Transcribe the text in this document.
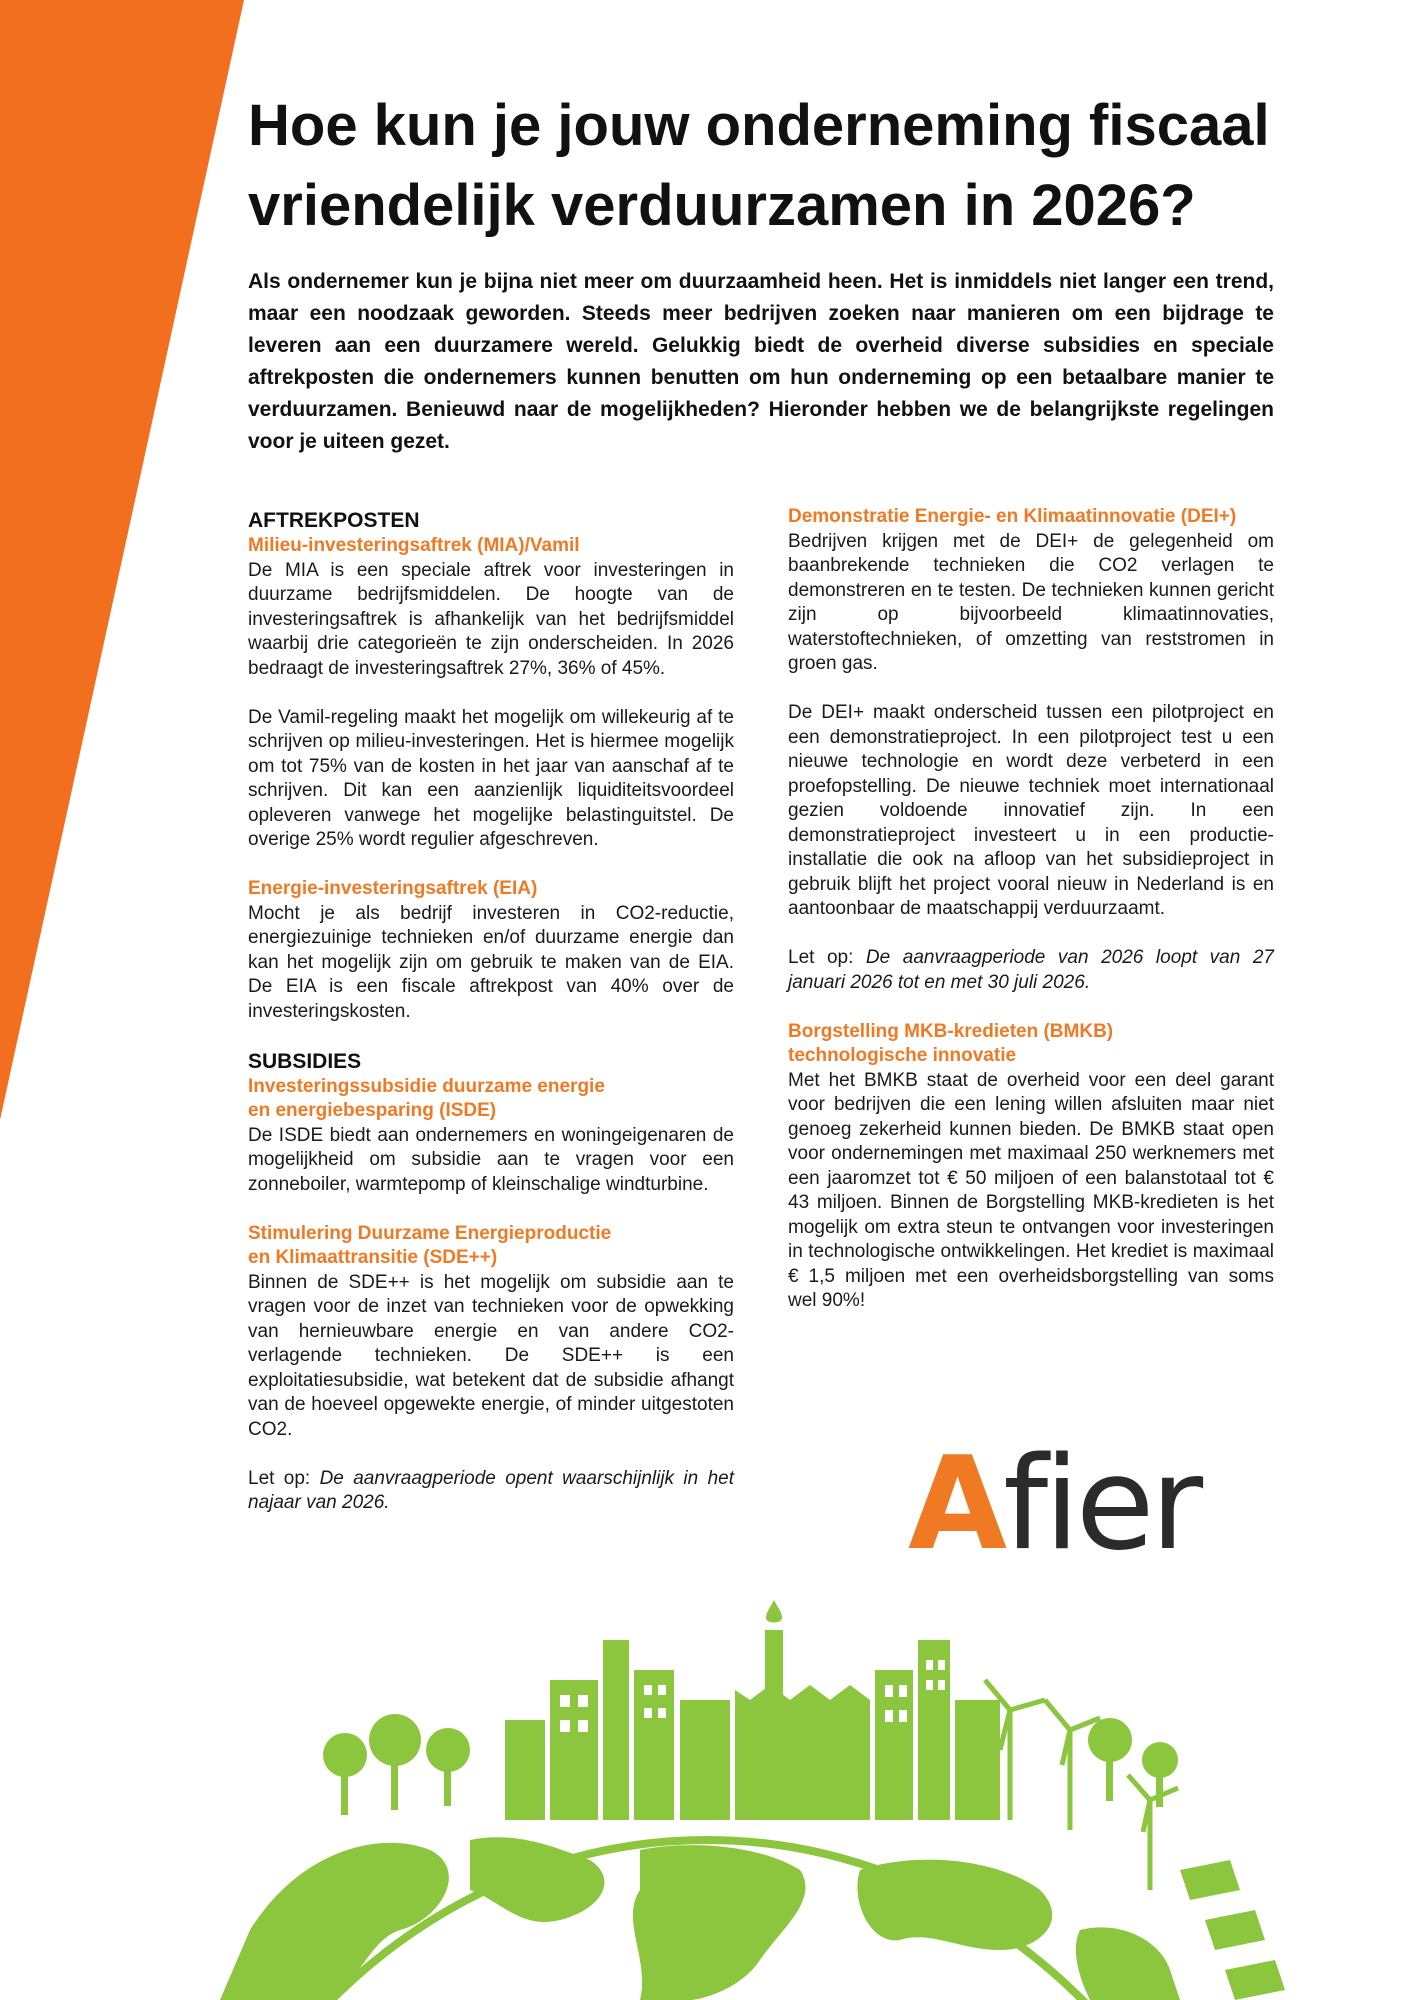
Hoe kun je jouw onderneming fiscaal vriendelijk verduurzamen in 2026?

Als ondernemer kun je bijna niet meer om duurzaamheid heen. Het is inmiddels niet langer een trend, maar een noodzaak geworden. Steeds meer bedrijven zoeken naar manieren om een bijdrage te leveren aan een duurzamere wereld. Gelukkig biedt de overheid diverse subsidies en speciale aftrekposten die ondernemers kunnen benutten om hun onderneming op een betaalbare manier te verduurzamen. Benieuwd naar de mogelijkheden? Hieronder hebben we de belangrijkste regelingen voor je uiteen gezet.

AFTREKPOSTEN
Milieu-investeringsaftrek (MIA)/Vamil

De MIA is een speciale aftrek voor investeringen in duurzame bedrijfsmiddelen. De hoogte van de investeringsaftrek is afhankelijk van het bedrijfsmiddel waarbij drie categorieën te zijn onderscheiden. In 2026 bedraagt de investeringsaftrek 27%, 36% of 45%.

De Vamil-regeling maakt het mogelijk om willekeurig af te schrijven op milieu-investeringen. Het is hiermee mogelijk om tot 75% van de kosten in het jaar van aanschaf af te schrijven. Dit kan een aanzienlijk liquiditeitsvoordeel opleveren vanwege het mogelijke belastinguitstel. De overige 25% wordt regulier afgeschreven.

Energie-investeringsaftrek (EIA)

Mocht je als bedrijf investeren in CO2-reductie, energiezuinige technieken en/of duurzame energie dan kan het mogelijk zijn om gebruik te maken van de EIA. De EIA is een fiscale aftrekpost van 40% over de investeringskosten.

SUBSIDIES
Investeringssubsidie duurzame energie
en energiebesparing (ISDE)

De ISDE biedt aan ondernemers en woningeigenaren de mogelijkheid om subsidie aan te vragen voor een zonneboiler, warmtepomp of kleinschalige windturbine.

Stimulering Duurzame Energieproductie
en Klimaattransitie (SDE++)

Binnen de SDE++ is het mogelijk om subsidie aan te vragen voor de inzet van technieken voor de opwekking van hernieuwbare energie en van andere CO2- verlagende technieken. De SDE++ is een exploitatiesubsidie, wat betekent dat de subsidie afhangt van de hoeveel opgewekte energie, of minder uitgestoten CO2.

Let op: De aanvraagperiode opent waarschijnlijk in het najaar van 2026.

Demonstratie Energie- en Klimaatinnovatie (DEI+)

Bedrijven krijgen met de DEI+ de gelegenheid om baanbrekende technieken die CO2 verlagen te demonstreren en te testen. De technieken kunnen gericht zijn op bijvoorbeeld klimaatinnovaties, waterstoftechnieken, of omzetting van reststromen in groen gas.

De DEI+ maakt onderscheid tussen een pilotproject en een demonstratieproject. In een pilotproject test u een nieuwe technologie en wordt deze verbeterd in een proefopstelling. De nieuwe techniek moet internationaal gezien voldoende innovatief zijn. In een demonstratieproject investeert u in een productie-installatie die ook na afloop van het subsidieproject in gebruik blijft het project vooral nieuw in Nederland is en aantoonbaar de maatschappij verduurzaamt.

Let op: De aanvraagperiode van 2026 loopt van 27 januari 2026 tot en met 30 juli 2026.

Borgstelling MKB-kredieten (BMKB)
technologische innovatie

Met het BMKB staat de overheid voor een deel garant voor bedrijven die een lening willen afsluiten maar niet genoeg zekerheid kunnen bieden. De BMKB staat open voor ondernemingen met maximaal 250 werknemers met een jaaromzet tot € 50 miljoen of een balanstotaal tot € 43 miljoen. Binnen de Borgstelling MKB-kredieten is het mogelijk om extra steun te ontvangen voor investeringen in technologische ontwikkelingen. Het krediet is maximaal € 1,5 miljoen met een overheidsborgstelling van soms wel 90%!

Afier
